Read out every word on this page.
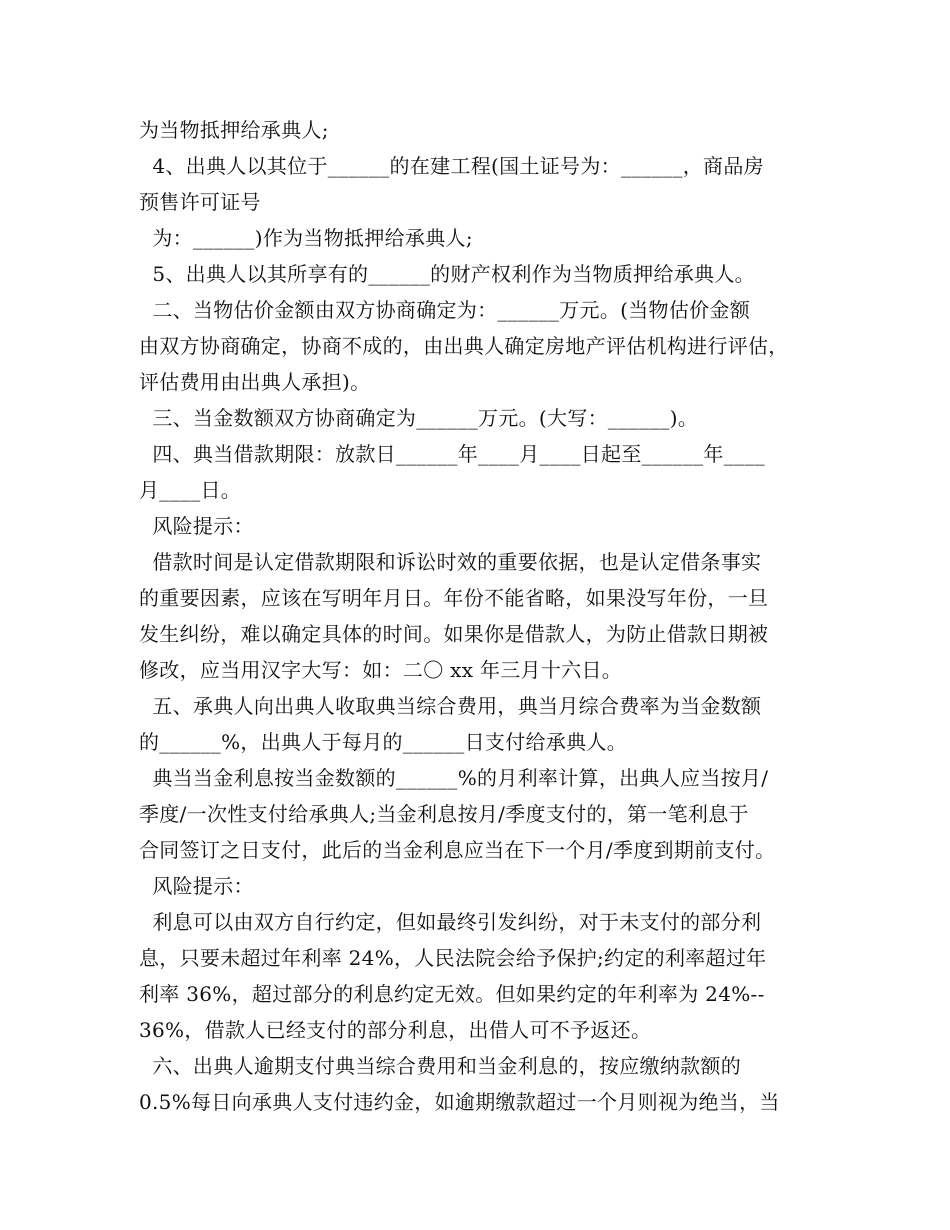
为当物抵押给承典人;
4、出典人以其位于______的在建工程(国土证号为：______，商品房
预售许可证号
为：______)作为当物抵押给承典人;
5、出典人以其所享有的______的财产权利作为当物质押给承典人。
二、当物估价金额由双方协商确定为：______万元。(当物估价金额
由双方协商确定，协商不成的，由出典人确定房地产评估机构进行评估，
评估费用由出典人承担)。
三、当金数额双方协商确定为______万元。(大写：______)。
四、典当借款期限：放款日______年____月____日起至______年____
月____日。
风险提示：
借款时间是认定借款期限和诉讼时效的重要依据，也是认定借条事实
的重要因素，应该在写明年月日。年份不能省略，如果没写年份，一旦
发生纠纷，难以确定具体的时间。如果你是借款人，为防止借款日期被
修改，应当用汉字大写：如：二〇 xx 年三月十六日。
五、承典人向出典人收取典当综合费用，典当月综合费率为当金数额
的______%，出典人于每月的______日支付给承典人。
典当当金利息按当金数额的______%的月利率计算，出典人应当按月/
季度/一次性支付给承典人;当金利息按月/季度支付的，第一笔利息于
合同签订之日支付，此后的当金利息应当在下一个月/季度到期前支付。
风险提示：
利息可以由双方自行约定，但如最终引发纠纷，对于未支付的部分利
息，只要未超过年利率 24%，人民法院会给予保护;约定的利率超过年
利率 36%，超过部分的利息约定无效。但如果约定的年利率为 24%--
36%，借款人已经支付的部分利息，出借人可不予返还。
六、出典人逾期支付典当综合费用和当金利息的，按应缴纳款额的
0.5%每日向承典人支付违约金，如逾期缴款超过一个月则视为绝当，当
